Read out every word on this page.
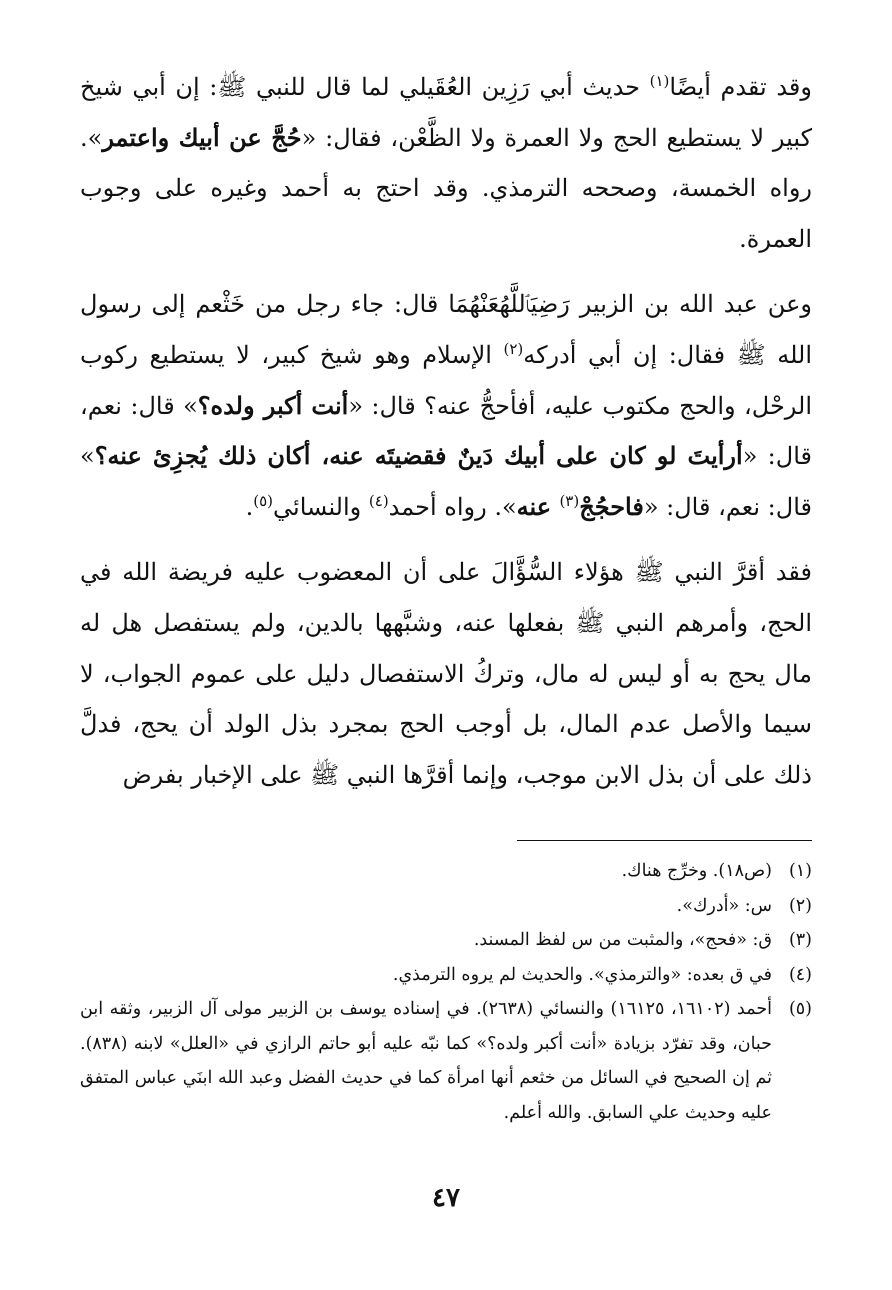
وقد تقدم أيضًا$^{(١)}$ حديث أبي رَزِين العُقَيلي لما قال للنبي ﷺ: إن أبي شيخ كبير لا يستطيع الحج ولا العمرة ولا الظَّعْن، فقال: «حُجَّ عن أبيك واعتمر». رواه الخمسة، وصححه الترمذي. وقد احتج به أحمد وغيره على وجوب العمرة.

وعن عبد الله بن الزبير رَضِيَٱللَّهُعَنْهُمَا قال: جاء رجل من خَثْعم إلى رسول الله ﷺ فقال: إن أبي أدركه$^{(٢)}$ الإسلام وهو شيخ كبير، لا يستطيع ركوب الرحْل، والحج مكتوب عليه، أفأحجُّ عنه؟ قال: «أنت أكبر ولده؟» قال: نعم، قال: «أرأيتَ لو كان على أبيك دَينٌ فقضيتَه عنه، أكان ذلك يُجزِئ عنه؟» قال: نعم، قال: «فاحجُجْ$^{(٣)}$ عنه». رواه أحمد$^{(٤)}$ والنسائي$^{(٥)}$.

فقد أقرَّ النبي ﷺ هؤلاء السُّؤَّالَ على أن المعضوب عليه فريضة الله في الحج، وأمرهم النبي ﷺ بفعلها عنه، وشبَّهها بالدين، ولم يستفصل هل له مال يحج به أو ليس له مال، وتركُ الاستفصال دليل على عموم الجواب، لا سيما والأصل عدم المال، بل أوجب الحج بمجرد بذل الولد أن يحج، فدلَّ ذلك على أن بذل الابن موجب، وإنما أقرَّها النبي ﷺ على الإخبار بفرض

(١)
(ص١٨). وخرِّج هناك.
(٢)
س: «أدرك».
(٣)
ق: «فحج»، والمثبت من س لفظ المسند.
(٤)
في ق بعده: «والترمذي». والحديث لم يروه الترمذي.
(٥)
أحمد (١٦١٠٢، ١٦١٢٥) والنسائي (٢٦٣٨). في إسناده يوسف بن الزبير مولى آل الزبير، وثقه ابن حبان، وقد تفرّد بزيادة «أنت أكبر ولده؟» كما نبّه عليه أبو حاتم الرازي في «العلل» لابنه (٨٣٨). ثم إن الصحيح في السائل من خثعم أنها امرأة كما في حديث الفضل وعبد الله ابنَي عباس المتفق عليه وحديث علي السابق. والله أعلم.
٤٧
